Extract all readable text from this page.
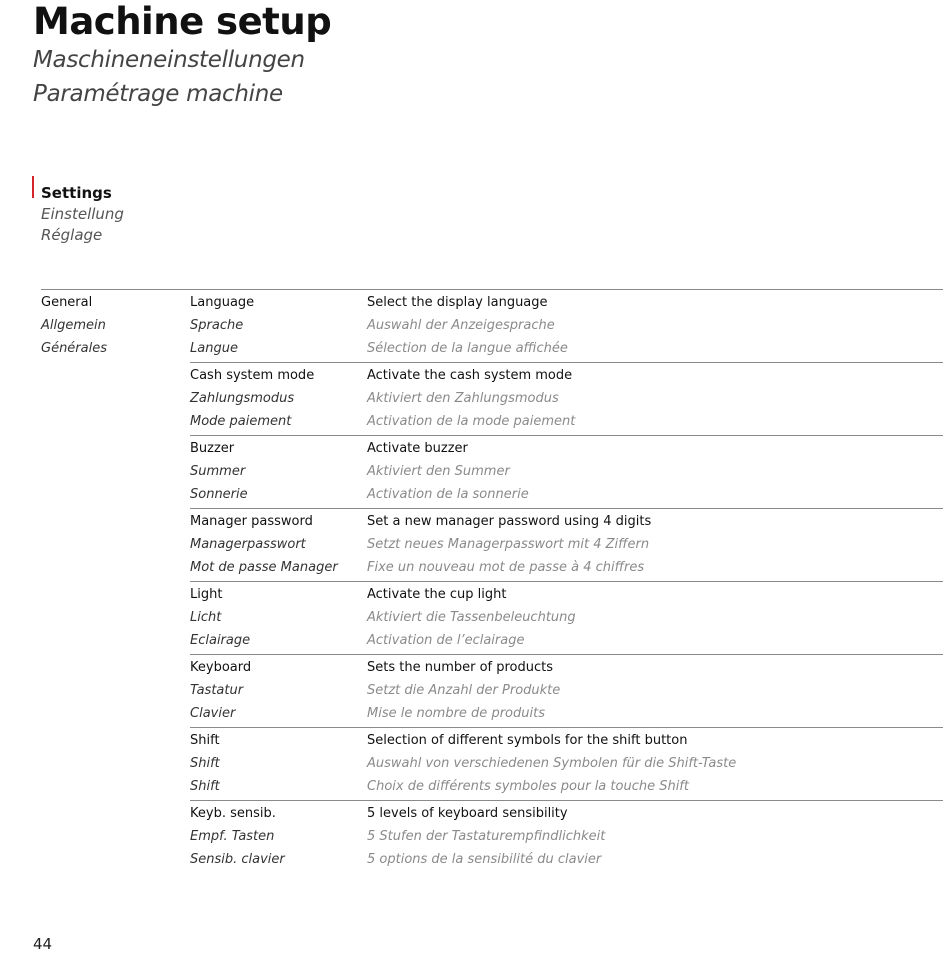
Machine setup
Maschineneinstellungen
Paramétrage machine
Settings
Einstellung
Réglage
General
Allgemein
Générales
Language
Sprache
Langue
Select the display language
Auswahl der Anzeigesprache
Sélection de la langue affichée
Cash system mode
Zahlungsmodus
Mode paiement
Activate the cash system mode
Aktiviert den Zahlungsmodus
Activation de la mode paiement
Buzzer
Summer
Sonnerie
Activate buzzer
Aktiviert den Summer
Activation de la sonnerie
Manager password
Managerpasswort
Mot de passe Manager
Set a new manager password using 4 digits
Setzt neues Managerpasswort mit 4 Ziffern
Fixe un nouveau mot de passe à 4 chiffres
Light
Licht
Eclairage
Activate the cup light
Aktiviert die Tassenbeleuchtung
Activation de l’eclairage
Keyboard
Tastatur
Clavier
Sets the number of products
Setzt die Anzahl der Produkte
Mise le nombre de produits
Shift
Shift
Shift
Selection of different symbols for the shift button
Auswahl von verschiedenen Symbolen für die Shift-Taste
Choix de différents symboles pour la touche Shift
Keyb. sensib.
Empf. Tasten
Sensib. clavier
5 levels of keyboard sensibility
5 Stufen der Tastaturempfindlichkeit
5 options de la sensibilité du clavier
44
